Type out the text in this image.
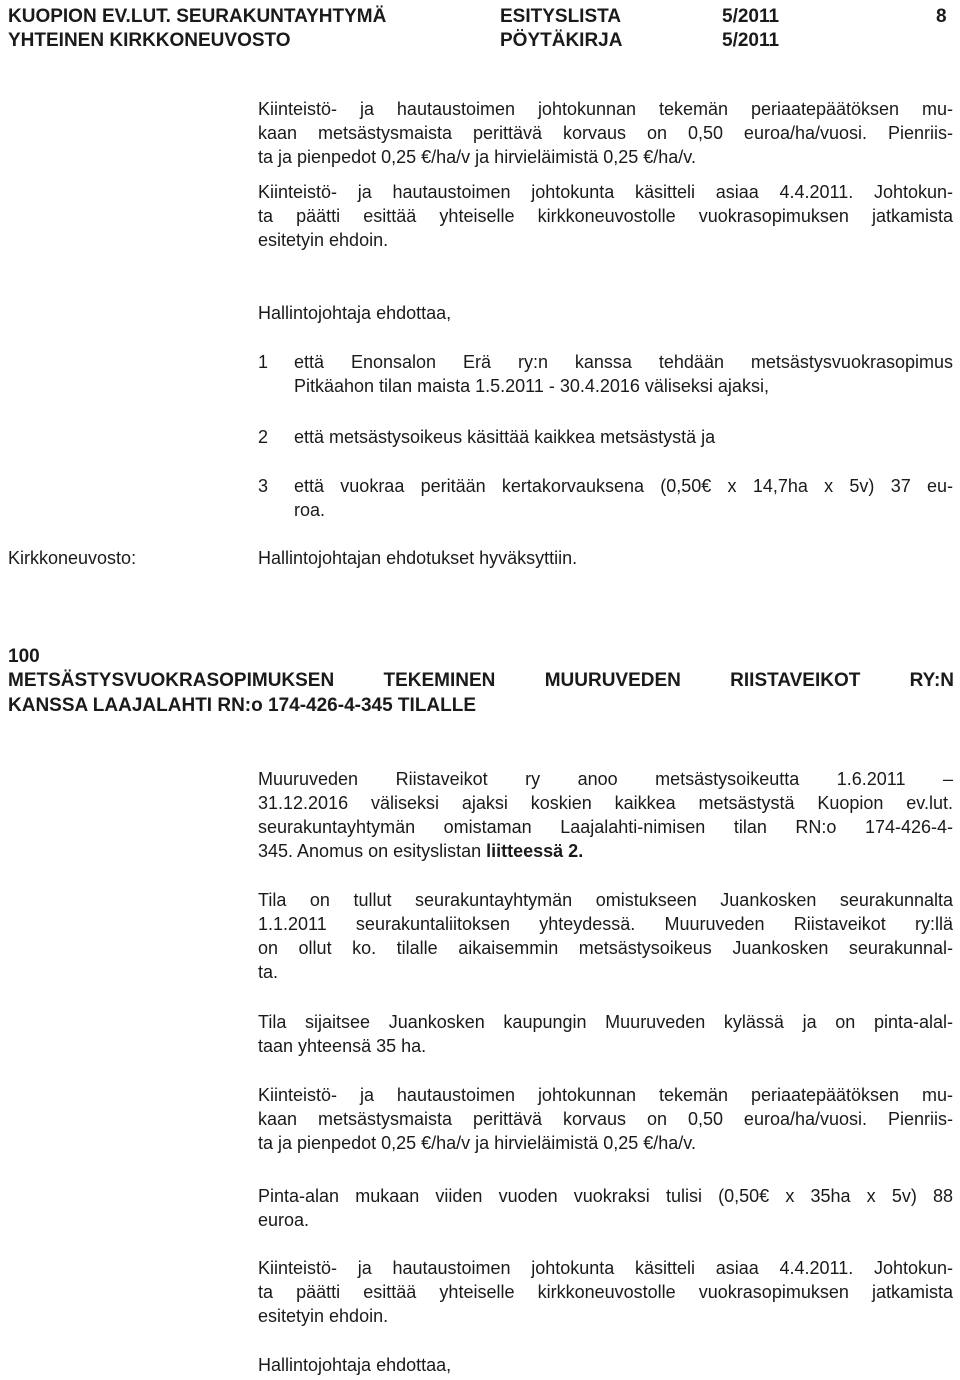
KUOPION EV.LUT. SEURAKUNTAYHTYMÄ
YHTEINEN KIRKKONEUVOSTO
ESITYSLISTA
PÖYTÄKIRJA
5/2011
5/2011
8
Kiinteistö- ja hautaustoimen johtokunnan tekemän periaatepäätöksen mu-
kaan metsästysmaista perittävä korvaus on 0,50 euroa/ha/vuosi. Pienriis-
ta ja pienpedot 0,25 €/ha/v ja hirvieläimistä 0,25 €/ha/v.
Kiinteistö- ja hautaustoimen johtokunta käsitteli asiaa 4.4.2011. Johtokun-
ta päätti esittää yhteiselle kirkkoneuvostolle vuokrasopimuksen jatkamista
esitetyin ehdoin.
Hallintojohtaja ehdottaa,
1 että Enonsalon Erä ry:n kanssa tehdään metsästysvuokrasopimus
Pitkäahon tilan maista 1.5.2011 - 30.4.2016 väliseksi ajaksi,
2 että metsästysoikeus käsittää kaikkea metsästystä ja
3 että vuokraa peritään kertakorvauksena (0,50€ x 14,7ha x 5v) 37 eu-
roa.
Kirkkoneuvosto:	Hallintojohtajan ehdotukset hyväksyttiin.
100
METSÄSTYSVUOKRASOPIMUKSEN TEKEMINEN MUURUVEDEN RIISTAVEIKOT RY:N
KANSSA LAAJALAHTI RN:o 174-426-4-345 TILALLE
Muuruveden Riistaveikot ry anoo metsästysoikeutta 1.6.2011 –
31.12.2016 väliseksi ajaksi koskien kaikkea metsästystä Kuopion ev.lut.
seurakuntayhtymän omistaman Laajalahti-nimisen tilan RN:o 174-426-4-
345. Anomus on esityslistan liitteessä 2.
Tila on tullut seurakuntayhtymän omistukseen Juankosken seurakunnalta
1.1.2011 seurakuntaliitoksen yhteydessä. Muuruveden Riistaveikot ry:llä
on ollut ko. tilalle aikaisemmin metsästysoikeus Juankosken seurakunnal-
ta.
Tila sijaitsee Juankosken kaupungin Muuruveden kylässä ja on pinta-alal-
taan yhteensä 35 ha.
Kiinteistö- ja hautaustoimen johtokunnan tekemän periaatepäätöksen mu-
kaan metsästysmaista perittävä korvaus on 0,50 euroa/ha/vuosi. Pienriis-
ta ja pienpedot 0,25 €/ha/v ja hirvieläimistä 0,25 €/ha/v.
Pinta-alan mukaan viiden vuoden vuokraksi tulisi (0,50€ x 35ha x 5v) 88
euroa.
Kiinteistö- ja hautaustoimen johtokunta käsitteli asiaa 4.4.2011. Johtokun-
ta päätti esittää yhteiselle kirkkoneuvostolle vuokrasopimuksen jatkamista
esitetyin ehdoin.
Hallintojohtaja ehdottaa,
